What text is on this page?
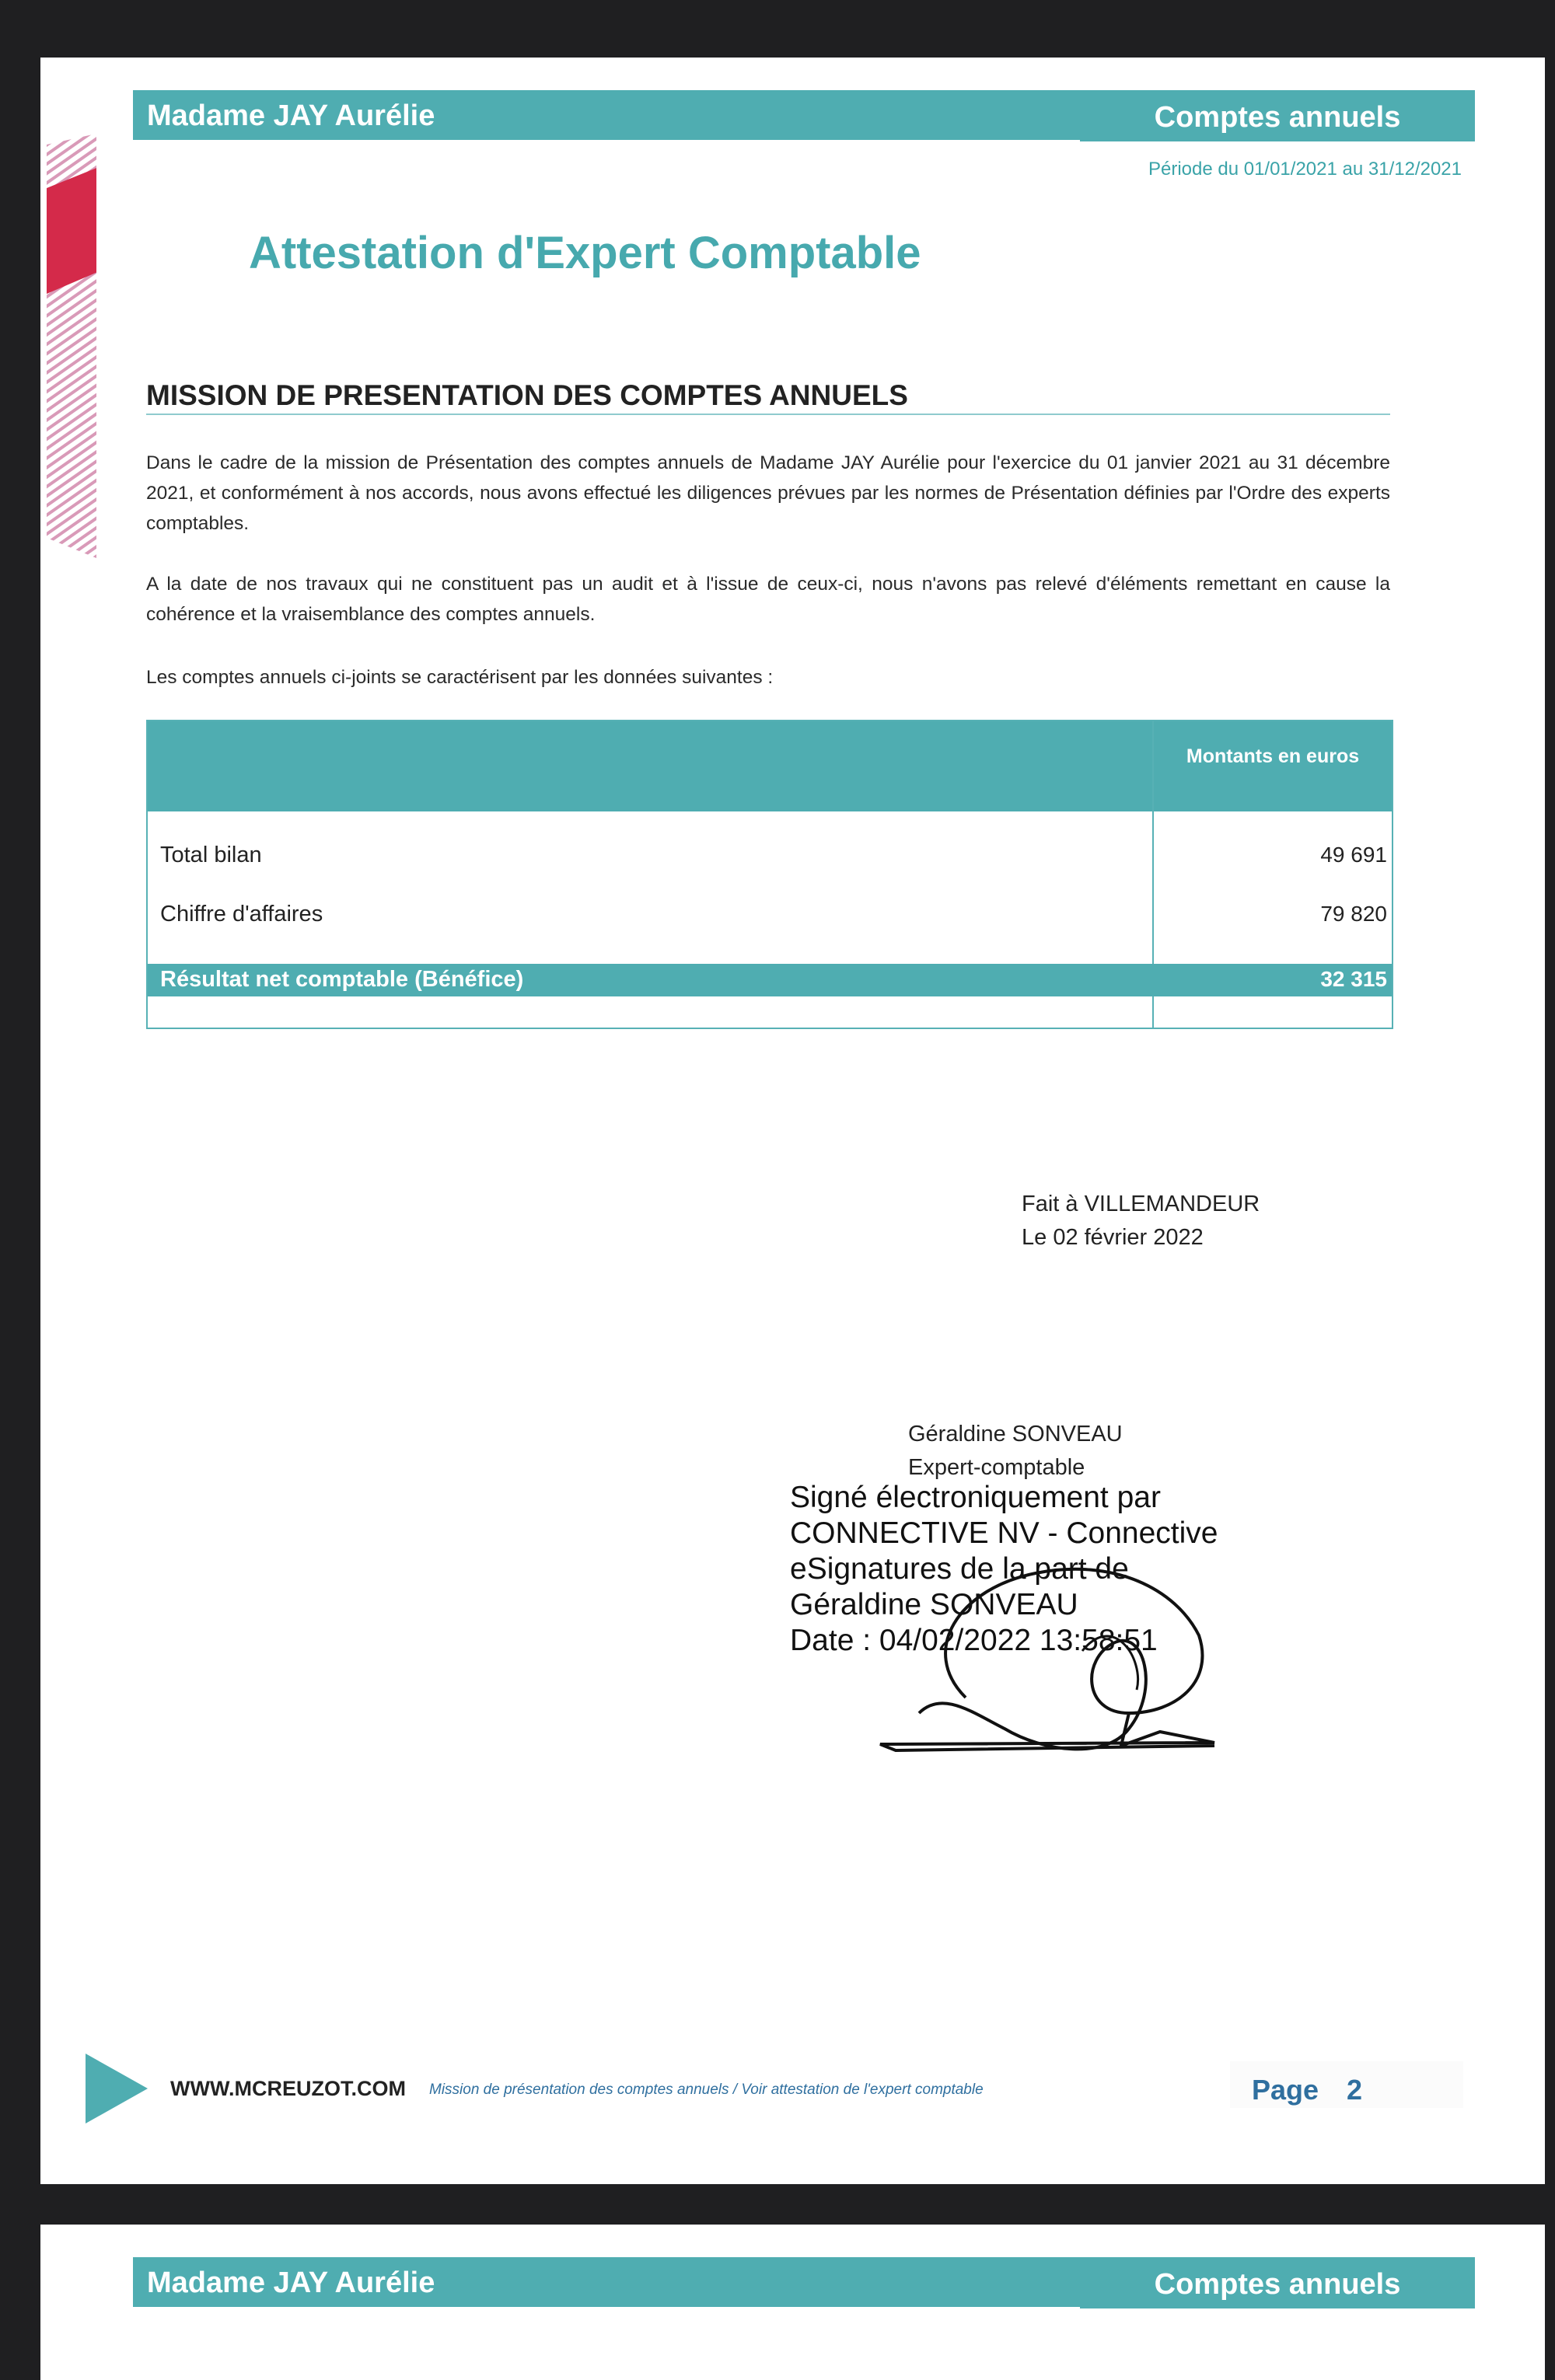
Madame JAY Aurélie	Comptes annuels
Période du 01/01/2021 au 31/12/2021
Attestation d'Expert Comptable
MISSION DE PRESENTATION DES COMPTES ANNUELS
Dans le cadre de la mission de Présentation des comptes annuels de Madame JAY Aurélie pour l'exercice du 01 janvier 2021 au 31 décembre 2021, et conformément à nos accords, nous avons effectué les diligences prévues par les normes de Présentation définies par l'Ordre des experts comptables.
A la date de nos travaux qui ne constituent pas un audit et à l'issue de ceux-ci, nous n'avons pas relevé d'éléments remettant en cause la cohérence et la vraisemblance des comptes annuels.
Les comptes annuels ci-joints se caractérisent par les données suivantes :
Montants en euros
Total bilan	49 691
Chiffre d'affaires	79 820
Résultat net comptable (Bénéfice)	32 315
Fait à VILLEMANDEUR
Le 02 février 2022
Géraldine SONVEAU
Expert-comptable
Signé électroniquement par
CONNECTIVE NV - Connective
eSignatures de la part de
Géraldine SONVEAU
Date : 04/02/2022 13:58:51
WWW.MCREUZOT.COM Mission de présentation des comptes annuels / Voir attestation de l'expert comptable	Page 2
Madame JAY Aurélie	Comptes annuels
